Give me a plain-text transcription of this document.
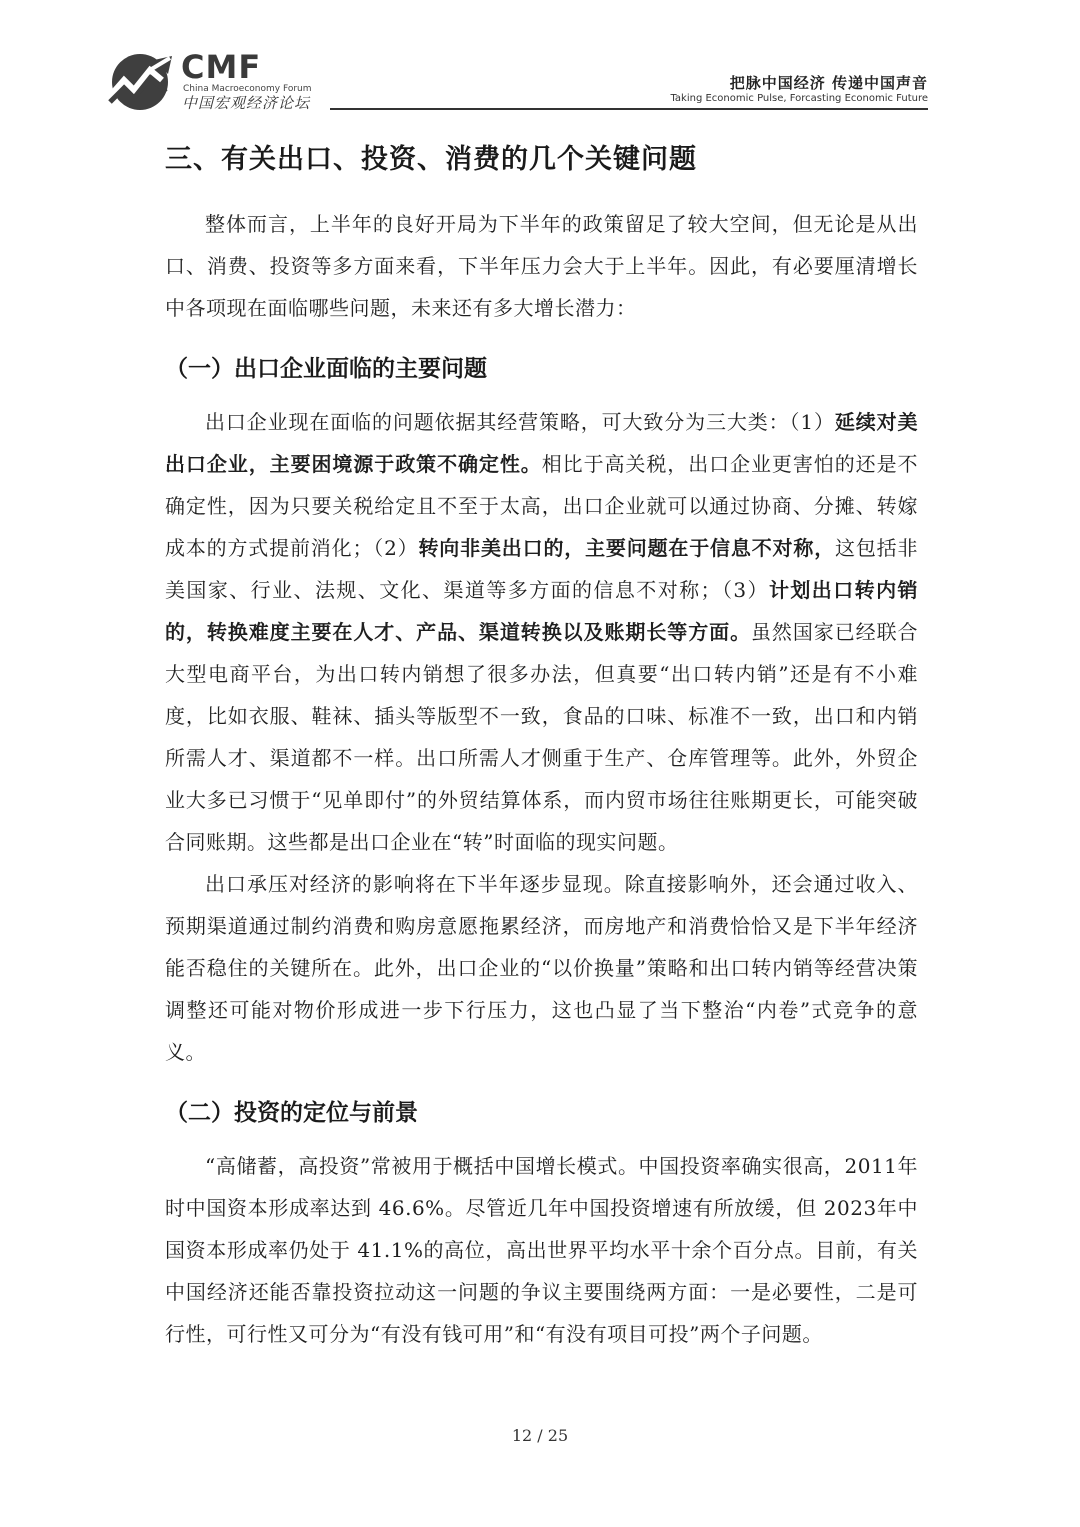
CMF
China Macroeconomy Forum
中国宏观经济论坛
把脉中国经济 传递中国声音
Taking Economic Pulse, Forcasting Economic Future
三、有关出口、投资、消费的几个关键问题

整体而言，上半年的良好开局为下半年的政策留足了较大空间，但无论是从出口、消费、投资等多方面来看，下半年压力会大于上半年。因此，有必要厘清增长中各项现在面临哪些问题，未来还有多大增长潜力：

（一）出口企业面临的主要问题

出口企业现在面临的问题依据其经营策略，可大致分为三大类：（1）延续对美出口企业，主要困境源于政策不确定性。相比于高关税，出口企业更害怕的还是不确定性，因为只要关税给定且不至于太高，出口企业就可以通过协商、分摊、转嫁成本的方式提前消化；（2）转向非美出口的，主要问题在于信息不对称，这包括非美国家、行业、法规、文化、渠道等多方面的信息不对称；（3）计划出口转内销的，转换难度主要在人才、产品、渠道转换以及账期长等方面。虽然国家已经联合大型电商平台，为出口转内销想了很多办法，但真要“出口转内销”还是有不小难度，比如衣服、鞋袜、插头等版型不一致，食品的口味、标准不一致，出口和内销所需人才、渠道都不一样。出口所需人才侧重于生产、仓库管理等。此外，外贸企业大多已习惯于“见单即付”的外贸结算体系，而内贸市场往往账期更长，可能突破合同账期。这些都是出口企业在“转”时面临的现实问题。

出口承压对经济的影响将在下半年逐步显现。除直接影响外，还会通过收入、预期渠道通过制约消费和购房意愿拖累经济，而房地产和消费恰恰又是下半年经济能否稳住的关键所在。此外，出口企业的“以价换量”策略和出口转内销等经营决策调整还可能对物价形成进一步下行压力，这也凸显了当下整治“内卷”式竞争的意义。

（二）投资的定位与前景

“高储蓄，高投资”常被用于概括中国增长模式。中国投资率确实很高，2011年时中国资本形成率达到 46.6%。尽管近几年中国投资增速有所放缓，但 2023年中国资本形成率仍处于 41.1%的高位，高出世界平均水平十余个百分点。目前，有关中国经济还能否靠投资拉动这一问题的争议主要围绕两方面：一是必要性，二是可行性，可行性又可分为“有没有钱可用”和“有没有项目可投”两个子问题。

12 / 25
